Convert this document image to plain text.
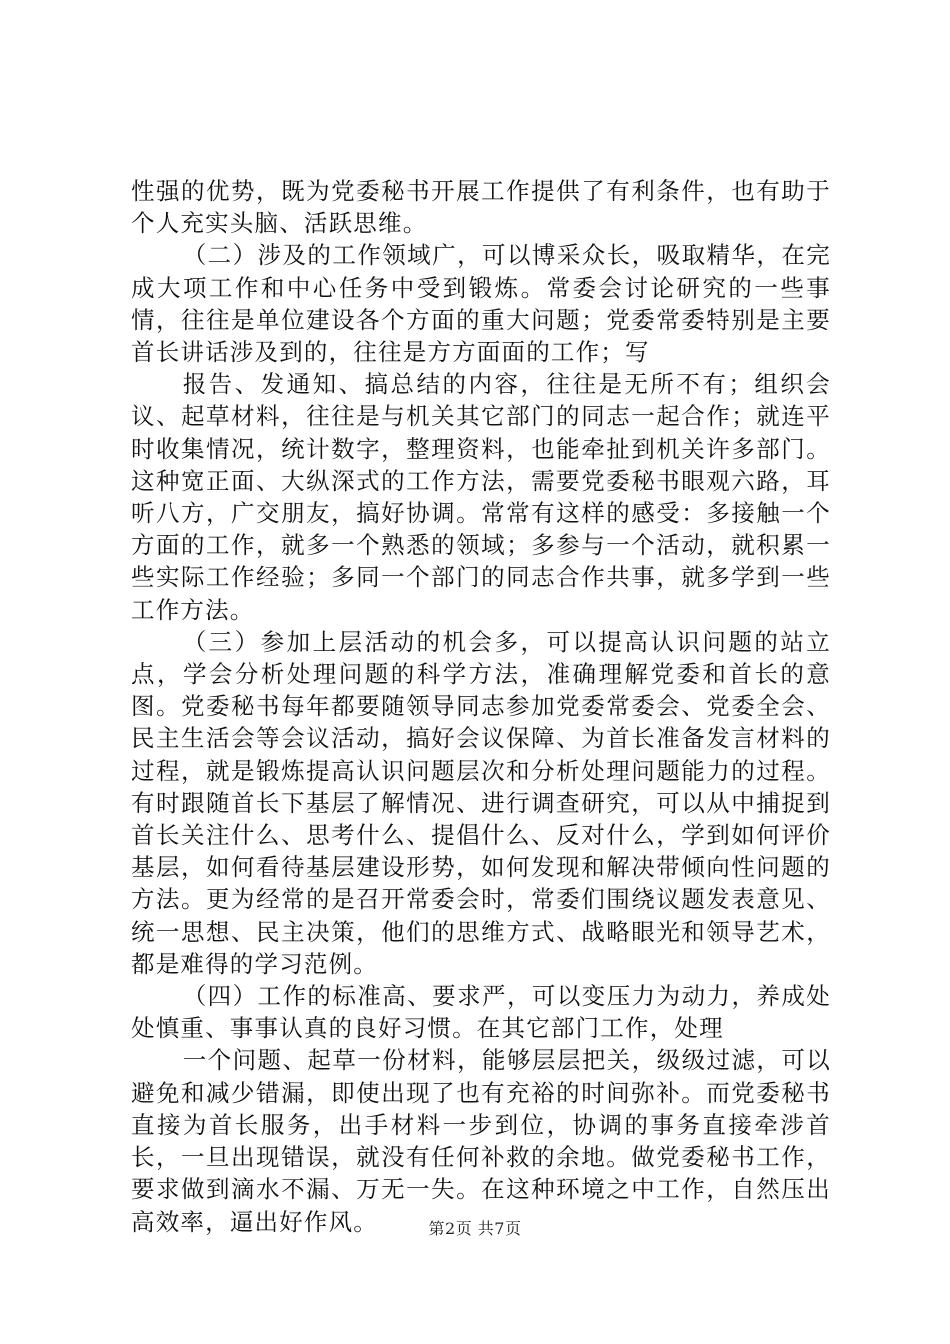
性强的优势，既为党委秘书开展工作提供了有利条件，也有助于个人充实头脑、活跃思维。

（二）涉及的工作领域广，可以博采众长，吸取精华，在完成大项工作和中心任务中受到锻炼。常委会讨论研究的一些事情，往往是单位建设各个方面的重大问题；党委常委特别是主要首长讲话涉及到的，往往是方方面面的工作；写

报告、发通知、搞总结的内容，往往是无所不有；组织会议、起草材料，往往是与机关其它部门的同志一起合作；就连平时收集情况，统计数字，整理资料，也能牵扯到机关许多部门。这种宽正面、大纵深式的工作方法，需要党委秘书眼观六路，耳听八方，广交朋友，搞好协调。常常有这样的感受：多接触一个方面的工作，就多一个熟悉的领域；多参与一个活动，就积累一些实际工作经验；多同一个部门的同志合作共事，就多学到一些工作方法。

（三）参加上层活动的机会多，可以提高认识问题的站立点，学会分析处理问题的科学方法，准确理解党委和首长的意图。党委秘书每年都要随领导同志参加党委常委会、党委全会、民主生活会等会议活动，搞好会议保障、为首长准备发言材料的过程，就是锻炼提高认识问题层次和分析处理问题能力的过程。有时跟随首长下基层了解情况、进行调查研究，可以从中捕捉到首长关注什么、思考什么、提倡什么、反对什么，学到如何评价基层，如何看待基层建设形势，如何发现和解决带倾向性问题的方法。更为经常的是召开常委会时，常委们围绕议题发表意见、统一思想、民主决策，他们的思维方式、战略眼光和领导艺术，都是难得的学习范例。

（四）工作的标准高、要求严，可以变压力为动力，养成处处慎重、事事认真的良好习惯。在其它部门工作，处理

一个问题、起草一份材料，能够层层把关，级级过滤，可以避免和减少错漏，即使出现了也有充裕的时间弥补。而党委秘书直接为首长服务，出手材料一步到位，协调的事务直接牵涉首长，一旦出现错误，就没有任何补救的余地。做党委秘书工作，要求做到滴水不漏、万无一失。在这种环境之中工作，自然压出高效率，逼出好作风。	第2页 共7页
